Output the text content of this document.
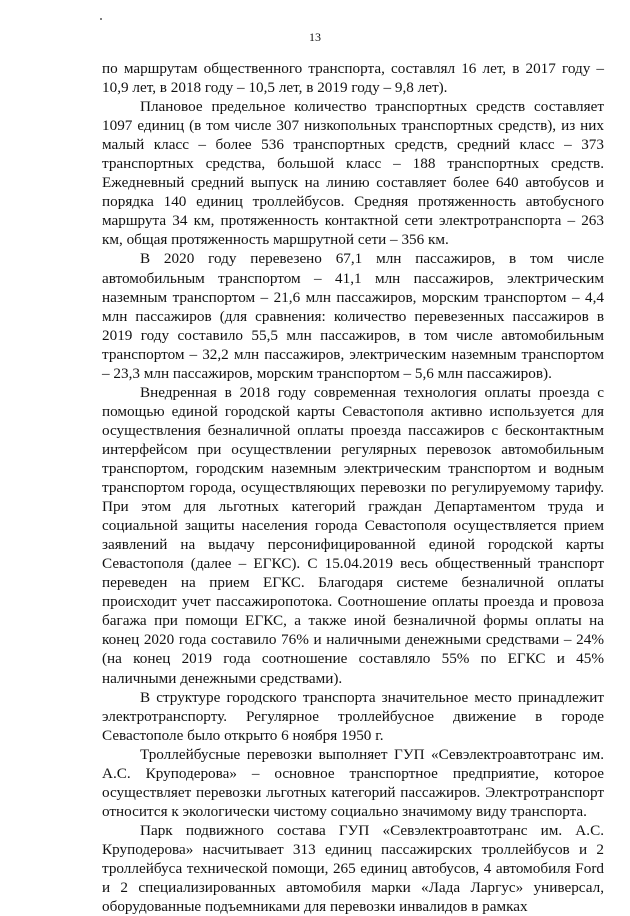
13

по маршрутам общественного транспорта, составлял 16 лет, в 2017 году – 10,9 лет, в 2018 году – 10,5 лет, в 2019 году – 9,8 лет).

Плановое предельное количество транспортных средств составляет 1097 единиц (в том числе 307 низкопольных транспортных средств), из них малый класс – более 536 транспортных средств, средний класс – 373 транспортных средства, большой класс – 188 транспортных средств. Ежедневный средний выпуск на линию составляет более 640 автобусов и порядка 140 единиц троллейбусов. Средняя протяженность автобусного маршрута 34 км, протяженность контактной сети электротранспорта – 263 км, общая протяженность маршрутной сети – 356 км.

В 2020 году перевезено 67,1 млн пассажиров, в том числе автомобильным транспортом – 41,1 млн пассажиров, электрическим наземным транспортом – 21,6 млн пассажиров, морским транспортом – 4,4 млн пассажиров (для сравнения: количество перевезенных пассажиров в 2019 году составило 55,5 млн пассажиров, в том числе автомобильным транспортом – 32,2 млн пассажиров, электрическим наземным транспортом – 23,3 млн пассажиров, морским транспортом – 5,6 млн пассажиров).

Внедренная в 2018 году современная технология оплаты проезда с помощью единой городской карты Севастополя активно используется для осуществления безналичной оплаты проезда пассажиров с бесконтактным интерфейсом при осуществлении регулярных перевозок автомобильным транспортом, городским наземным электрическим транспортом и водным транспортом города, осуществляющих перевозки по регулируемому тарифу. При этом для льготных категорий граждан Департаментом труда и социальной защиты населения города Севастополя осуществляется прием заявлений на выдачу персонифицированной единой городской карты Севастополя (далее – ЕГКС). С 15.04.2019 весь общественный транспорт переведен на прием ЕГКС. Благодаря системе безналичной оплаты происходит учет пассажиропотока. Соотношение оплаты проезда и провоза багажа при помощи ЕГКС, а также иной безналичной формы оплаты на конец 2020 года составило 76% и наличными денежными средствами – 24% (на конец 2019 года соотношение составляло 55% по ЕГКС и 45% наличными денежными средствами).

В структуре городского транспорта значительное место принадлежит электротранспорту. Регулярное троллейбусное движение в городе Севастополе было открыто 6 ноября 1950 г.

Троллейбусные перевозки выполняет ГУП «Севэлектроавтотранс им. А.С. Круподерова» – основное транспортное предприятие, которое осуществляет перевозки льготных категорий пассажиров. Электротранспорт относится к экологически чистому социально значимому виду транспорта.

Парк подвижного состава ГУП «Севэлектроавтотранс им. А.С. Круподерова» насчитывает 313 единиц пассажирских троллейбусов и 2 троллейбуса технической помощи, 265 единиц автобусов, 4 автомобиля Ford и 2 специализированных автомобиля марки «Лада Ларгус» универсал, оборудованные подъемниками для перевозки инвалидов в рамках
